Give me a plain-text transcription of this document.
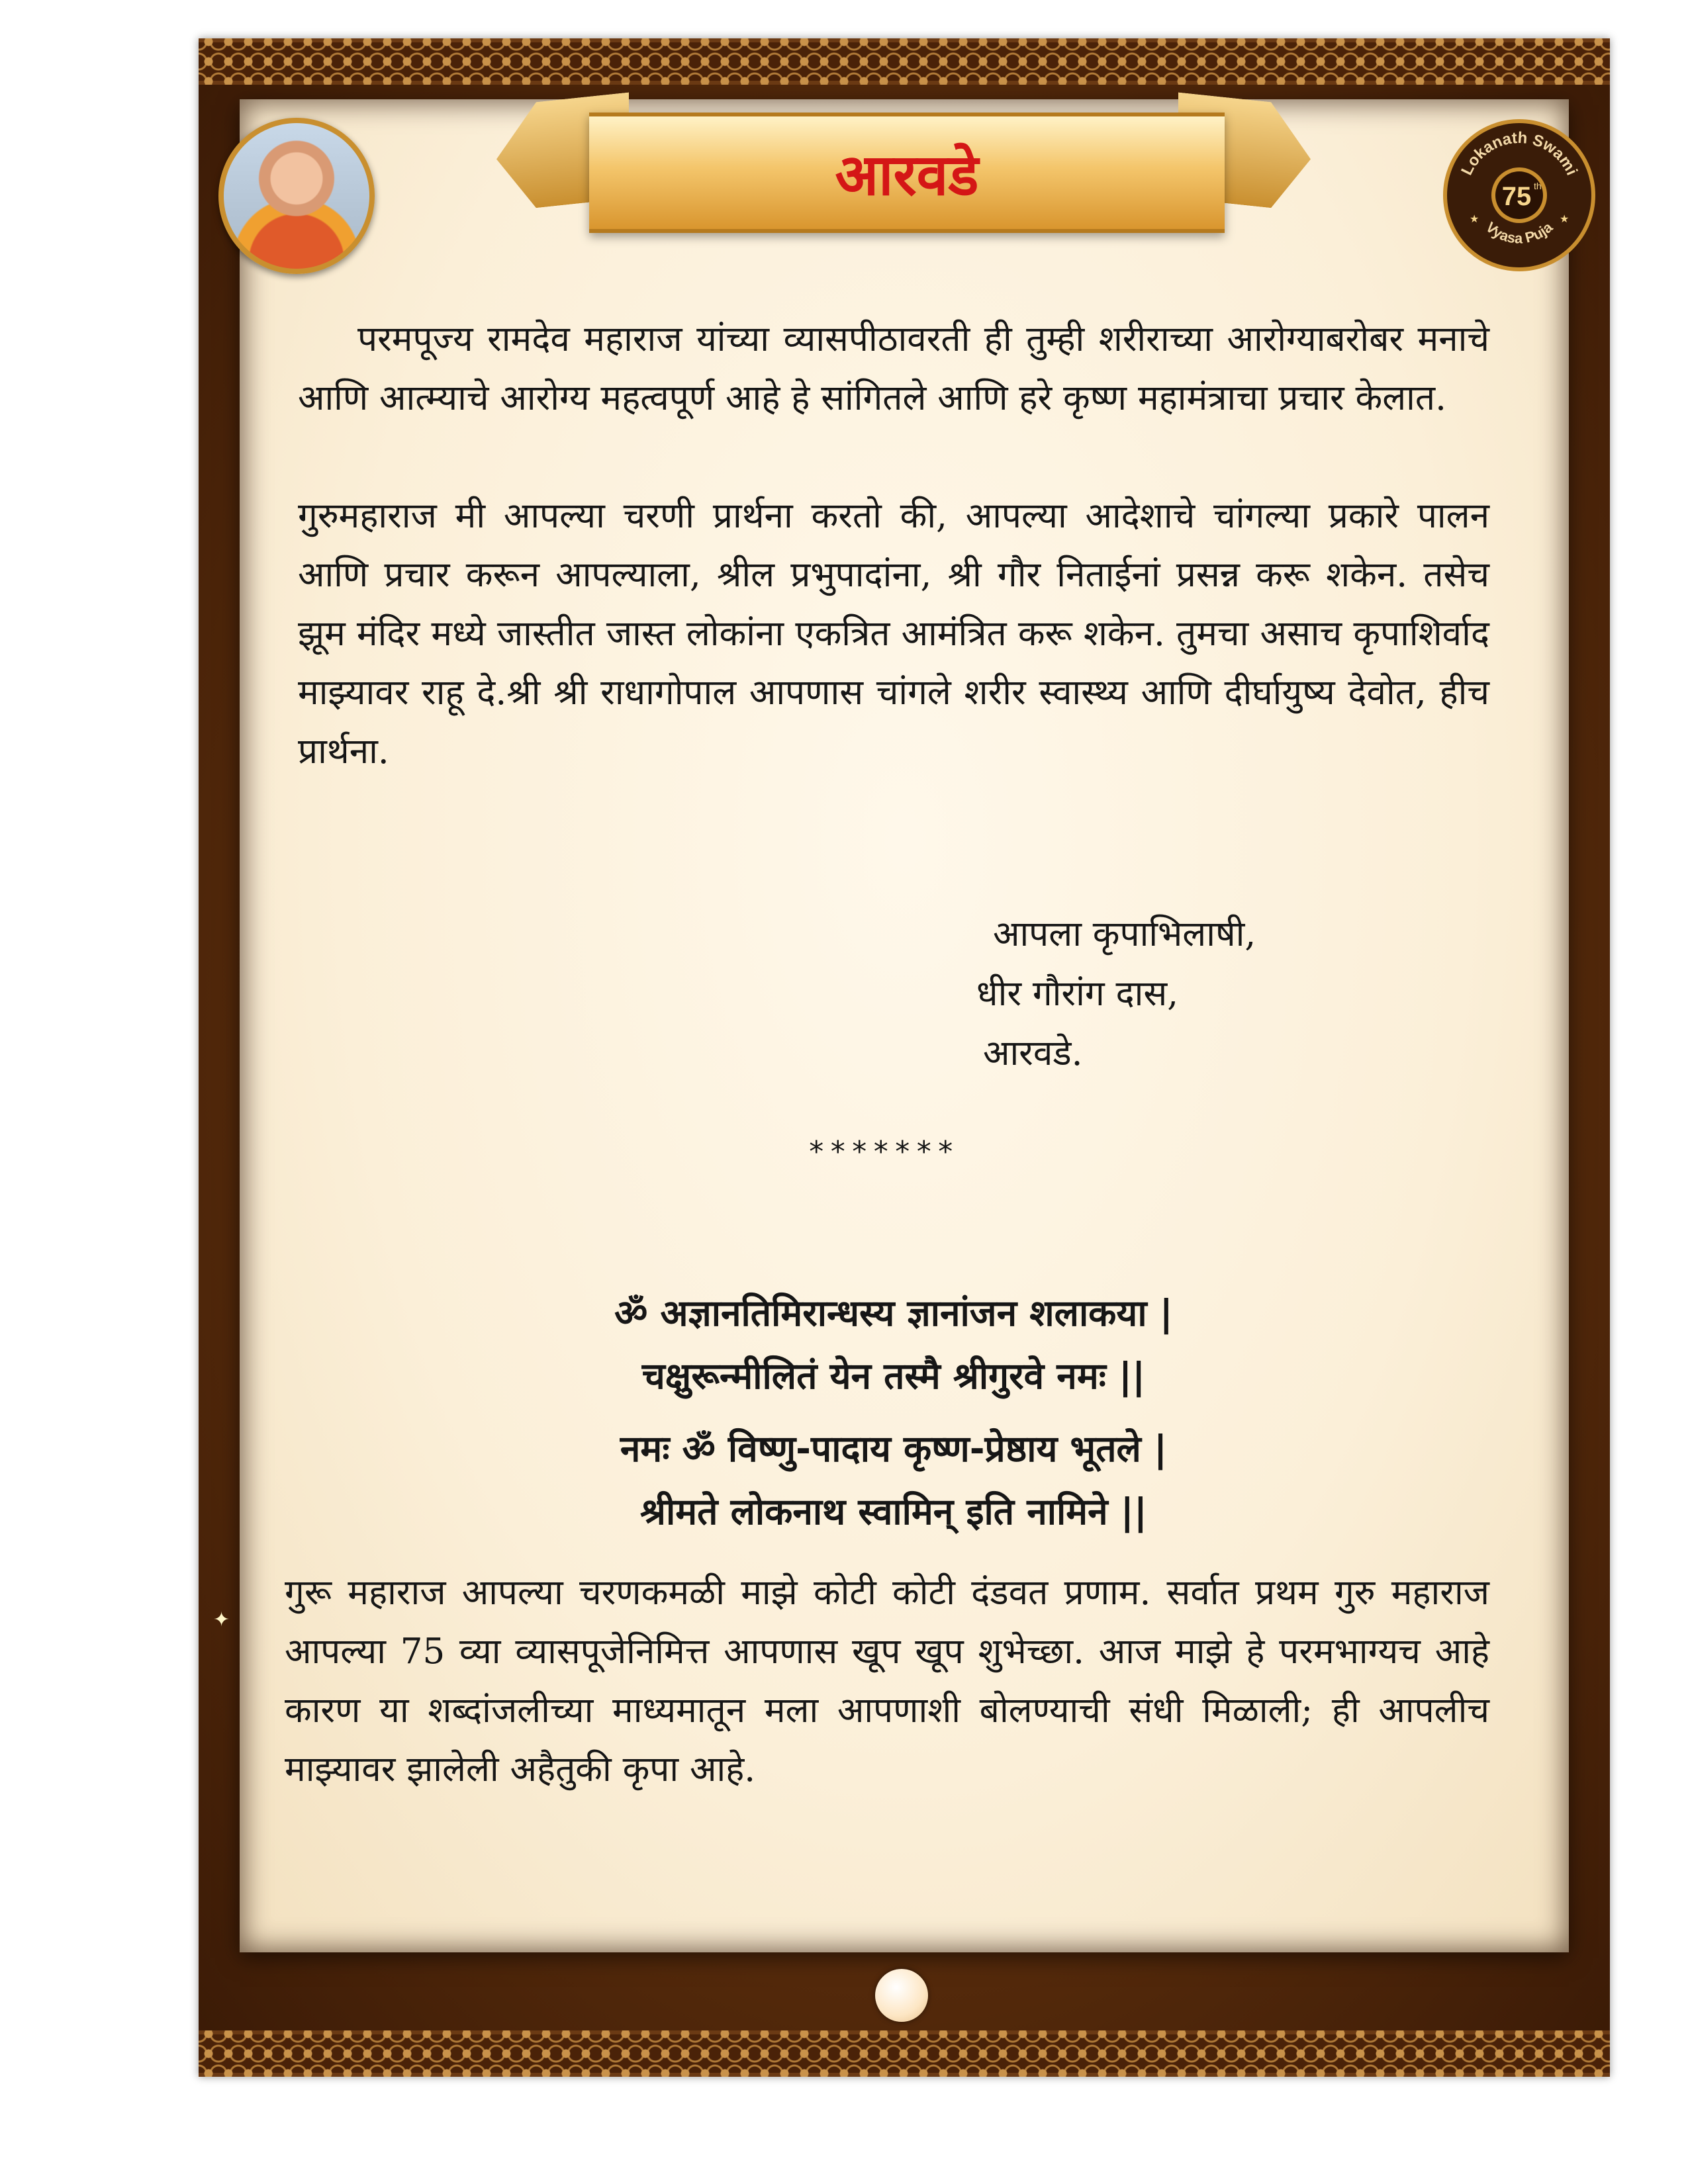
आरवडे	Lokanath Swami
75 th
Vyasa Puja
★	★

परमपूज्य रामदेव महाराज यांच्या व्यासपीठावरती ही तुम्ही शरीराच्या आरोग्याबरोबर मनाचे आणि आत्म्याचे आरोग्य महत्वपूर्ण आहे हे सांगितले आणि हरे कृष्ण महामंत्राचा प्रचार केलात.

गुरुमहाराज मी आपल्या चरणी प्रार्थना करतो की, आपल्या आदेशाचे चांगल्या प्रकारे पालन आणि प्रचार करून आपल्याला, श्रील प्रभुपादांना, श्री गौर निताईनां प्रसन्न करू शकेन. तसेच झूम मंदिर मध्ये जास्तीत जास्त लोकांना एकत्रित आमंत्रित करू शकेन. तुमचा असाच कृपाशिर्वाद माझ्यावर राहू दे.श्री श्री राधागोपाल आपणास चांगले शरीर स्वास्थ्य आणि दीर्घायुष्य देवोत, हीच प्रार्थना.

आपला कृपाभिलाषी,
धीर गौरांग दास,
आरवडे.
*******
ॐ अज्ञानतिमिरान्धस्य ज्ञानांजन शलाकया |
चक्षुरून्मीलितं येन तस्मै श्रीगुरवे नमः ||
नमः ॐ विष्णु-पादाय कृष्ण-प्रेष्ठाय भूतले |
श्रीमते लोकनाथ स्वामिन् इति नामिने ||

गुरू महाराज आपल्या चरणकमळी माझे कोटी कोटी दंडवत प्रणाम. सर्वात प्रथम गुरु महाराज आपल्या 75 व्या व्यासपूजेनिमित्त आपणास खूप खूप शुभेच्छा. आज माझे हे परमभाग्यच आहे कारण या शब्दांजलीच्या माध्यमातून मला आपणाशी बोलण्याची संधी मिळाली; ही आपलीच माझ्यावर झालेली अहैतुकी कृपा आहे.

✦
